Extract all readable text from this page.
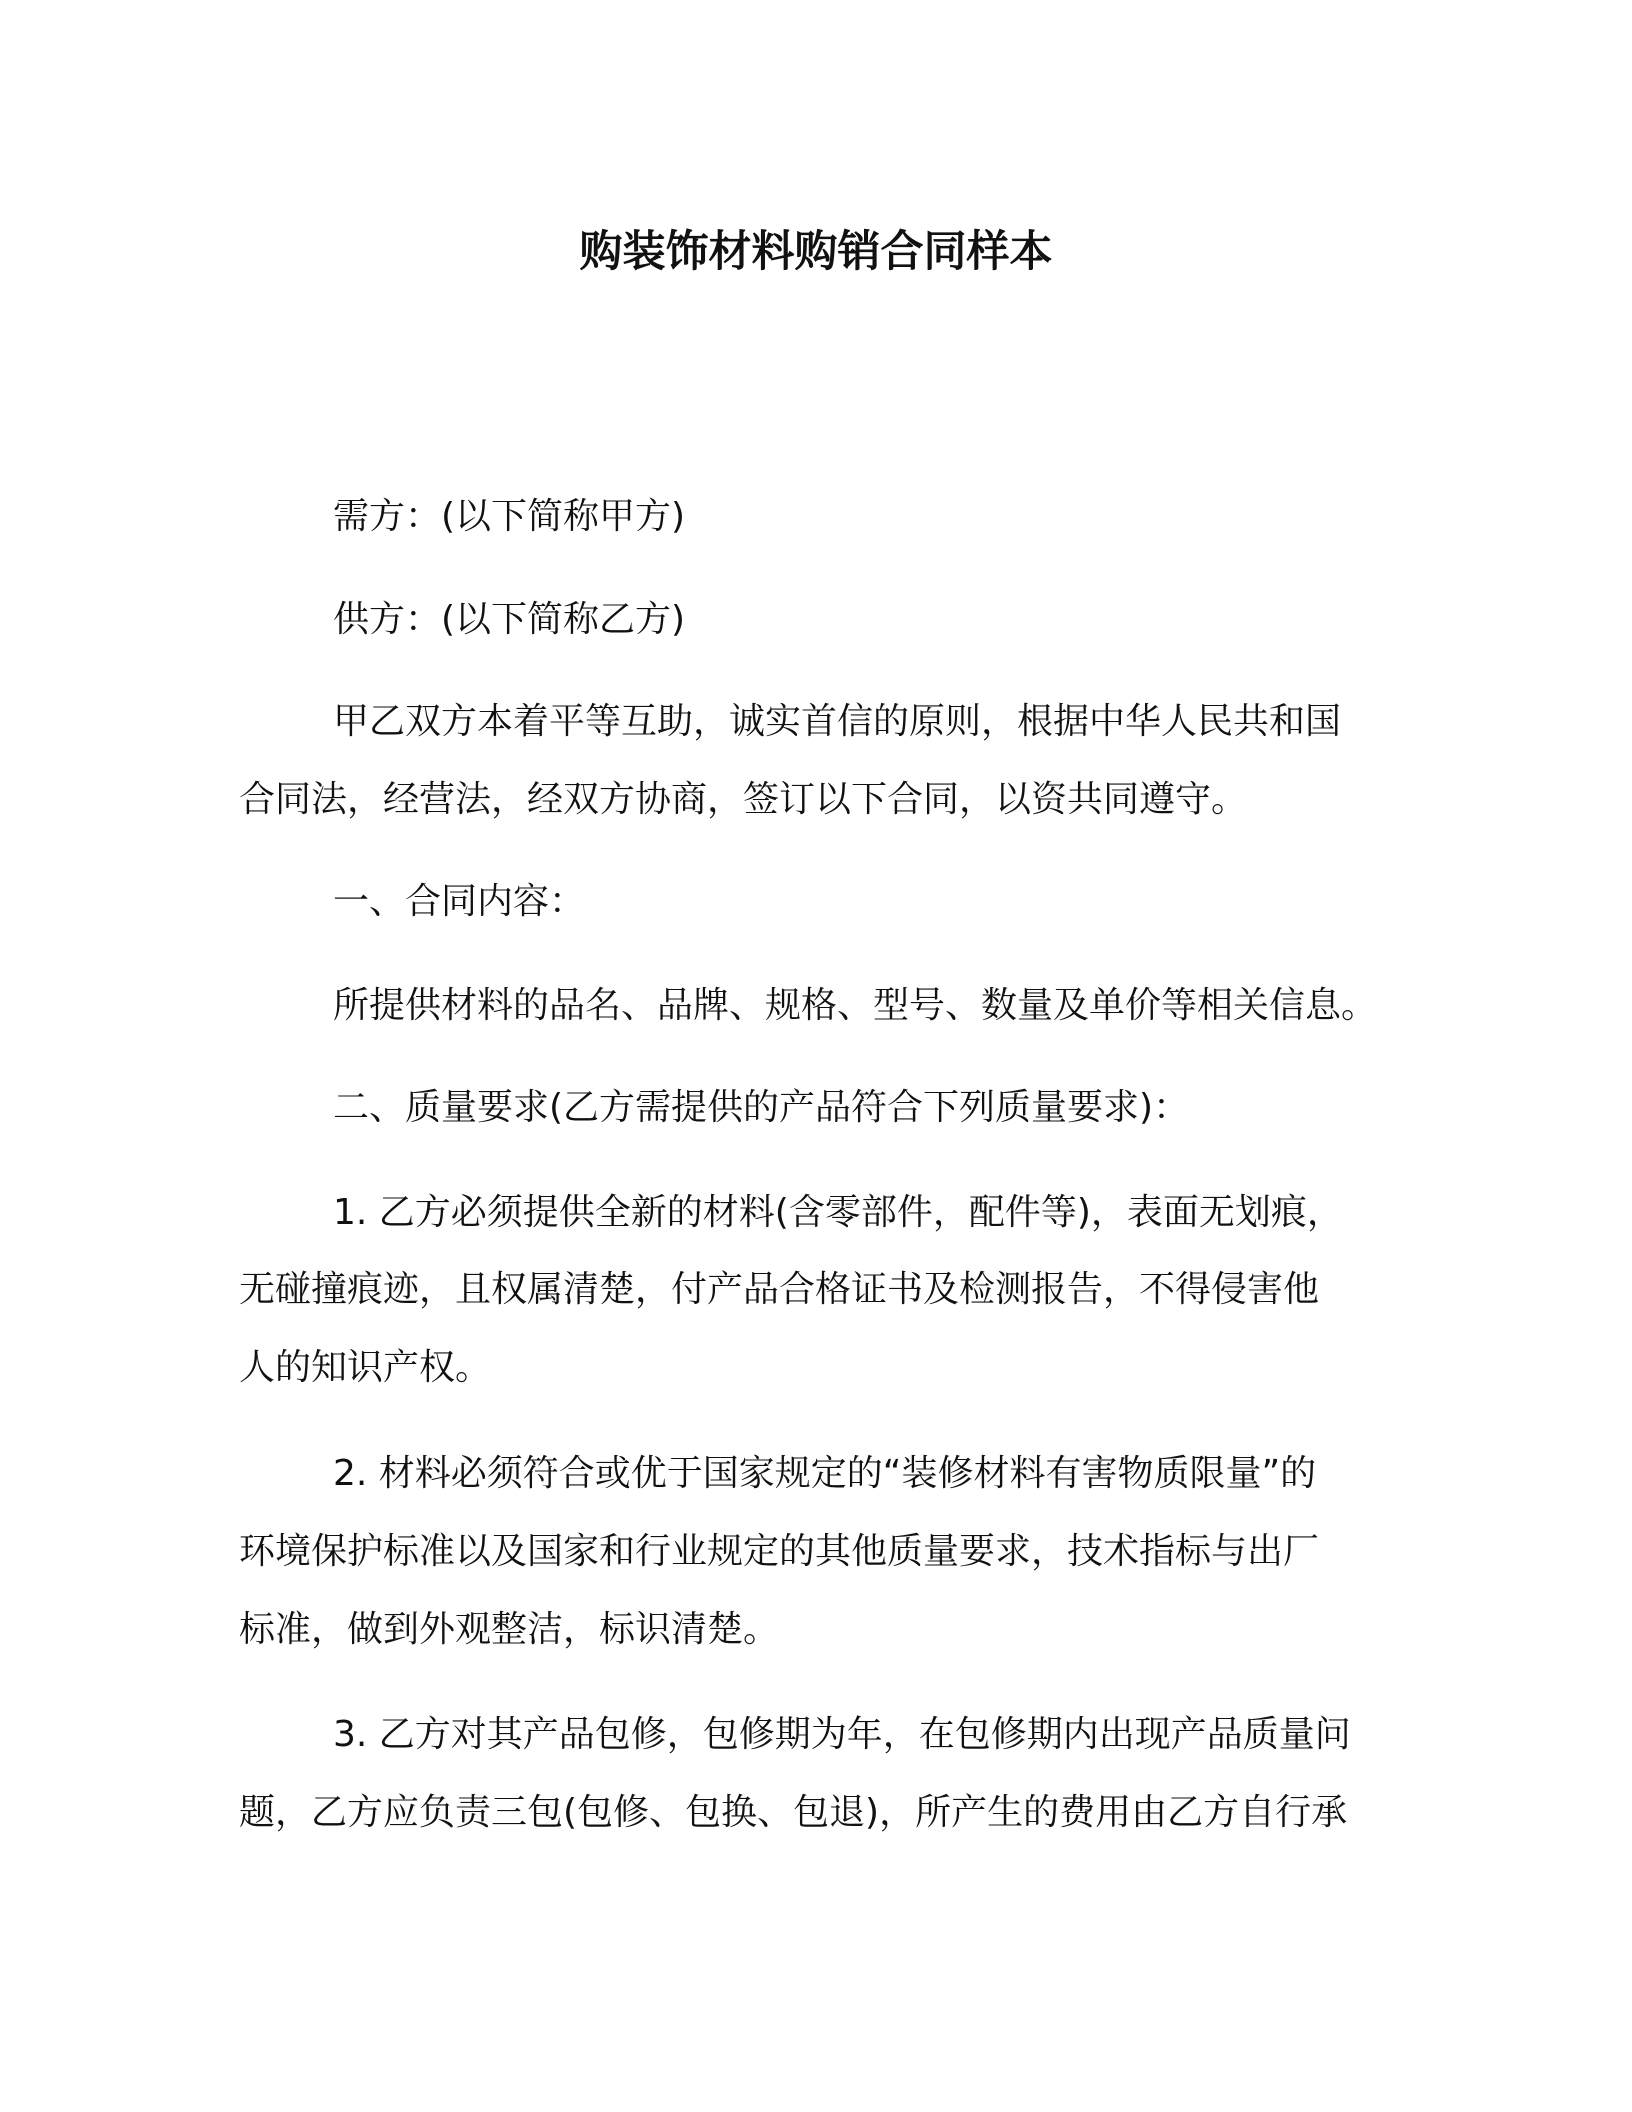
购装饰材料购销合同样本

需方：(以下简称甲方)

供方：(以下简称乙方)

甲乙双方本着平等互助，诚实首信的原则，根据中华人民共和国

合同法，经营法，经双方协商，签订以下合同，以资共同遵守。

一、合同内容：

所提供材料的品名、品牌、规格、型号、数量及单价等相关信息。

二、质量要求(乙方需提供的产品符合下列质量要求)：

1. 乙方必须提供全新的材料(含零部件，配件等)，表面无划痕，

无碰撞痕迹，且权属清楚，付产品合格证书及检测报告，不得侵害他

人的知识产权。

2. 材料必须符合或优于国家规定的“装修材料有害物质限量”的

环境保护标准以及国家和行业规定的其他质量要求，技术指标与出厂

标准，做到外观整洁，标识清楚。

3. 乙方对其产品包修，包修期为年，在包修期内出现产品质量问

题，乙方应负责三包(包修、包换、包退)，所产生的费用由乙方自行承
